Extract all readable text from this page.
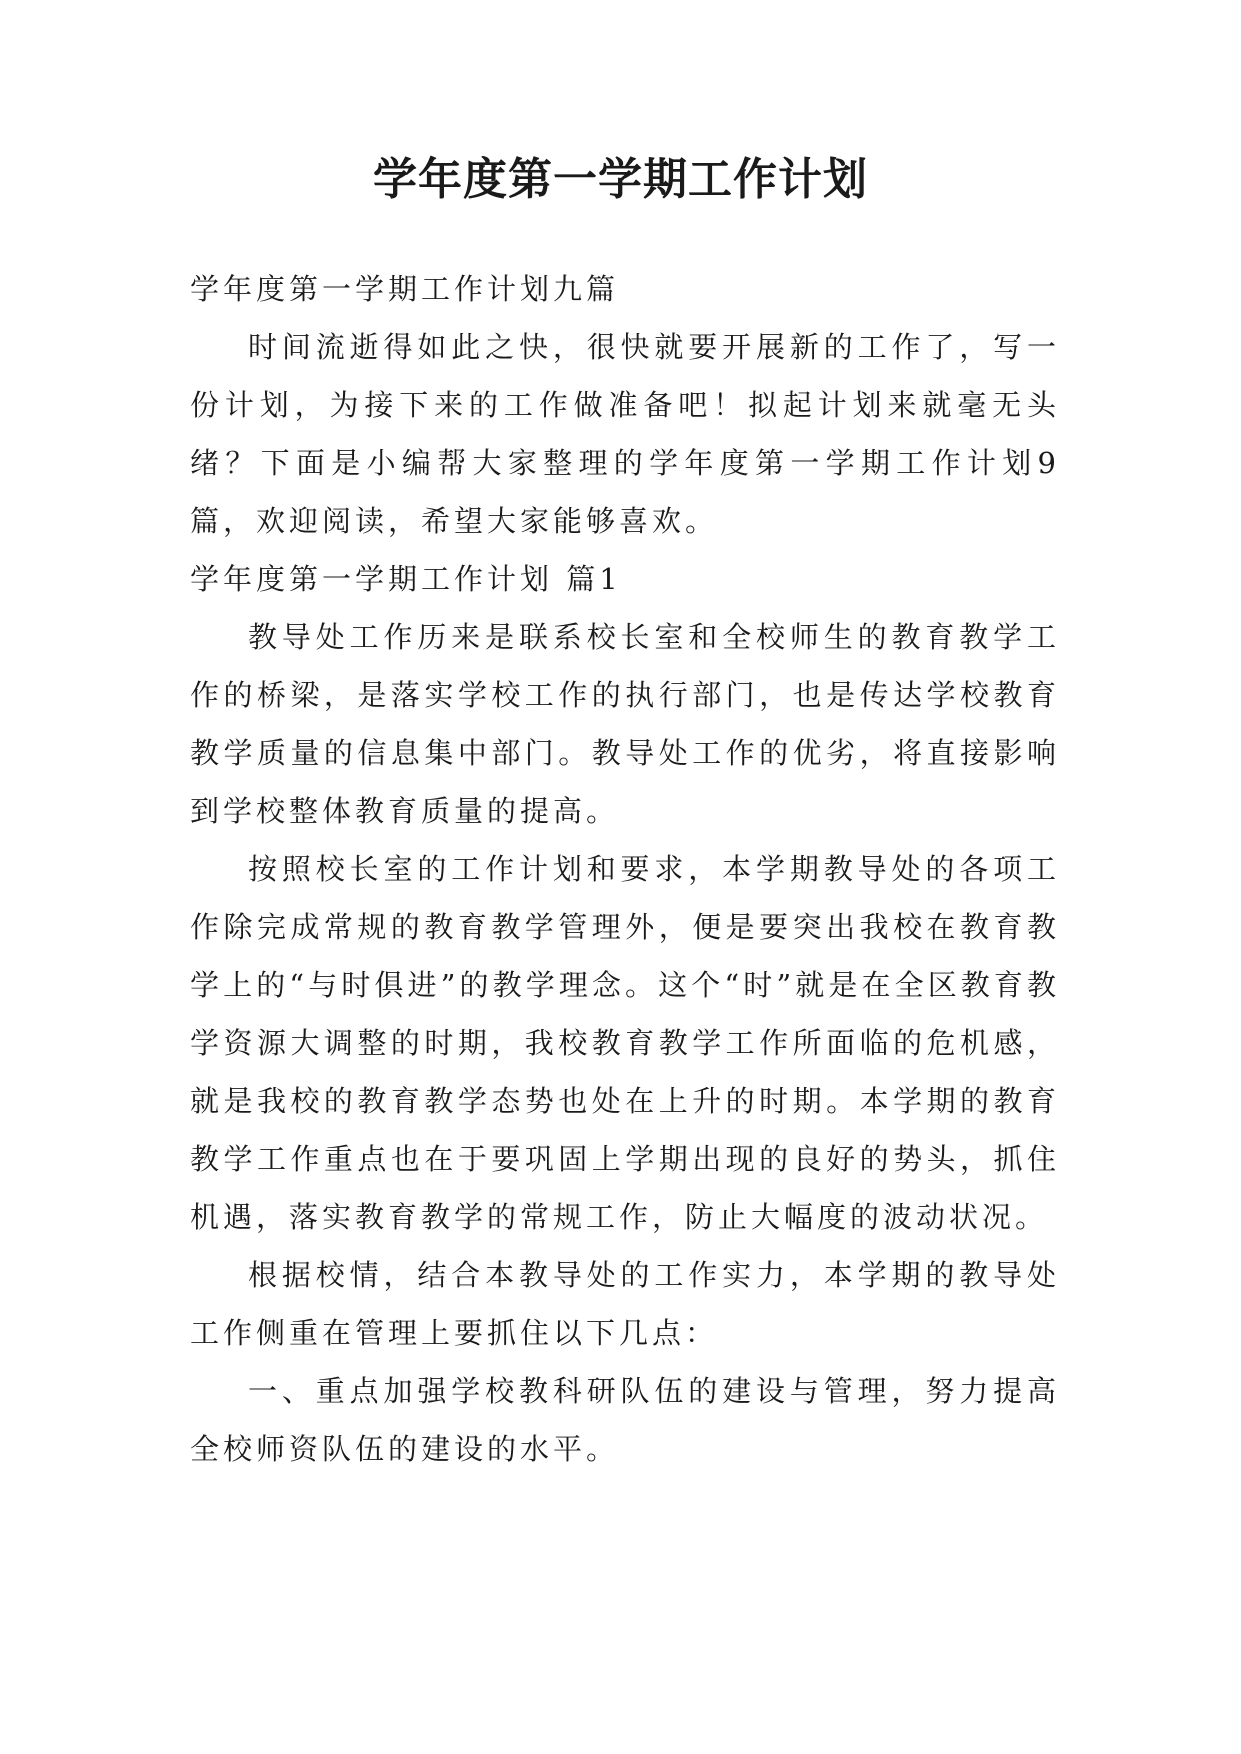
学年度第一学期工作计划

学年度第一学期工作计划九篇

时间流逝得如此之快，很快就要开展新的工作了，写一份计划，为接下来的工作做准备吧！拟起计划来就毫无头绪？下面是小编帮大家整理的学年度第一学期工作计划9篇，欢迎阅读，希望大家能够喜欢。

学年度第一学期工作计划 篇1

教导处工作历来是联系校长室和全校师生的教育教学工作的桥梁，是落实学校工作的执行部门，也是传达学校教育教学质量的信息集中部门。教导处工作的优劣，将直接影响到学校整体教育质量的提高。

按照校长室的工作计划和要求，本学期教导处的各项工作除完成常规的教育教学管理外，便是要突出我校在教育教学上的“与时俱进”的教学理念。这个“时”就是在全区教育教学资源大调整的时期，我校教育教学工作所面临的危机感，就是我校的教育教学态势也处在上升的时期。本学期的教育教学工作重点也在于要巩固上学期出现的良好的势头，抓住机遇，落实教育教学的常规工作，防止大幅度的波动状况。

根据校情，结合本教导处的工作实力，本学期的教导处工作侧重在管理上要抓住以下几点：

一、重点加强学校教科研队伍的建设与管理，努力提高全校师资队伍的建设的水平。
